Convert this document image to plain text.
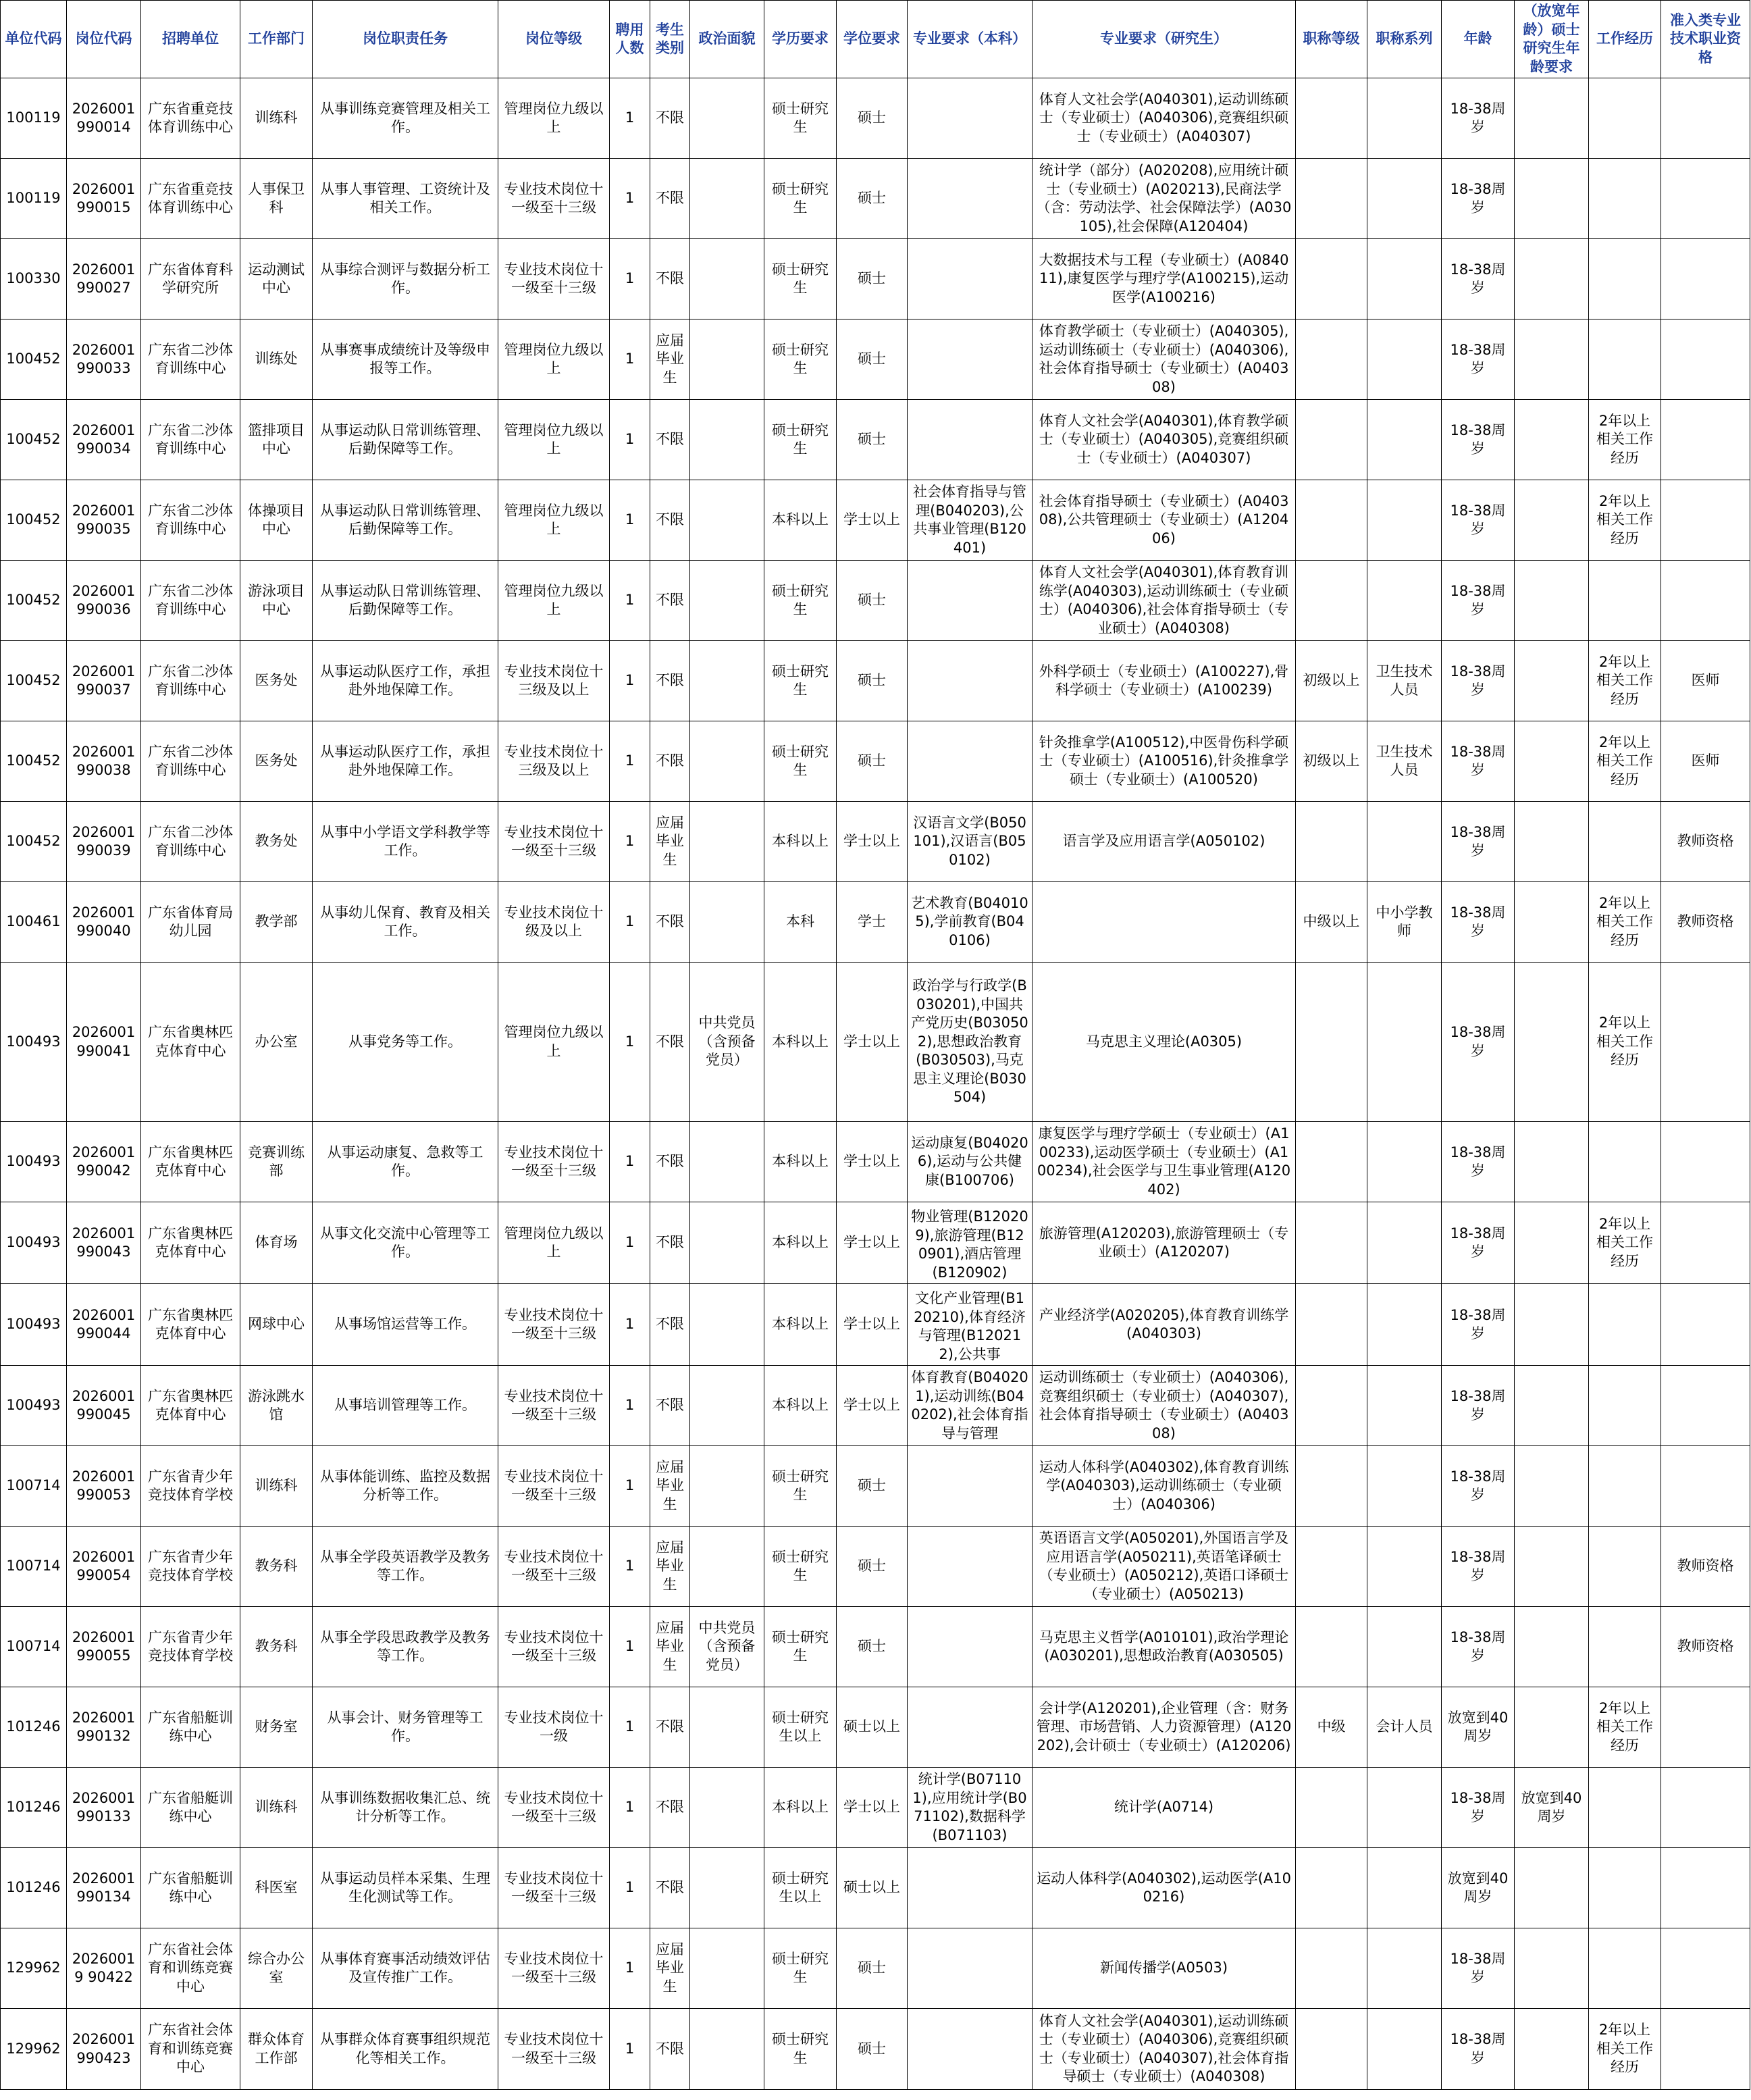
单位代码	岗位代码	招聘单位	工作部门	岗位职责任务	岗位等级	聘用人数	考生类别	政治面貌	学历要求	学位要求	专业要求（本科）	专业要求（研究生）	职称等级	职称系列	年龄	（放宽年龄）硕士研究生年龄要求	工作经历	准入类专业技术职业资格
100119	2026001990014	广东省重竞技体育训练中心	训练科	从事训练竞赛管理及相关工作。	管理岗位九级以上	1	不限		硕士研究生	硕士		体育人文社会学(A040301),运动训练硕士（专业硕士）(A040306),竞赛组织硕士（专业硕士）(A040307)			18-38周岁			
100119	2026001990015	广东省重竞技体育训练中心	人事保卫科	从事人事管理、工资统计及相关工作。	专业技术岗位十一级至十三级	1	不限		硕士研究生	硕士		统计学（部分）(A020208),应用统计硕士（专业硕士）(A020213),民商法学（含：劳动法学、社会保障法学）(A030105),社会保障(A120404)			18-38周岁			
100330	2026001990027	广东省体育科学研究所	运动测试中心	从事综合测评与数据分析工作。	专业技术岗位十一级至十三级	1	不限		硕士研究生	硕士		大数据技术与工程（专业硕士）(A084011),康复医学与理疗学(A100215),运动医学(A100216)			18-38周岁			
100452	2026001990033	广东省二沙体育训练中心	训练处	从事赛事成绩统计及等级申报等工作。	管理岗位九级以上	1	应届毕业生		硕士研究生	硕士		体育教学硕士（专业硕士）(A040305),运动训练硕士（专业硕士）(A040306),社会体育指导硕士（专业硕士）(A040308)			18-38周岁			
100452	2026001990034	广东省二沙体育训练中心	篮排项目中心	从事运动队日常训练管理、后勤保障等工作。	管理岗位九级以上	1	不限		硕士研究生	硕士		体育人文社会学(A040301),体育教学硕士（专业硕士）(A040305),竞赛组织硕士（专业硕士）(A040307)			18-38周岁		2年以上相关工作经历	
100452	2026001990035	广东省二沙体育训练中心	体操项目中心	从事运动队日常训练管理、后勤保障等工作。	管理岗位九级以上	1	不限		本科以上	学士以上	社会体育指导与管理(B040203),公共事业管理(B120401)	社会体育指导硕士（专业硕士）(A040308),公共管理硕士（专业硕士）(A120406)			18-38周岁		2年以上相关工作经历	
100452	2026001990036	广东省二沙体育训练中心	游泳项目中心	从事运动队日常训练管理、后勤保障等工作。	管理岗位九级以上	1	不限		硕士研究生	硕士		体育人文社会学(A040301),体育教育训练学(A040303),运动训练硕士（专业硕士）(A040306),社会体育指导硕士（专业硕士）(A040308)			18-38周岁			
100452	2026001990037	广东省二沙体育训练中心	医务处	从事运动队医疗工作，承担赴外地保障工作。	专业技术岗位十三级及以上	1	不限		硕士研究生	硕士		外科学硕士（专业硕士）(A100227),骨科学硕士（专业硕士）(A100239)	初级以上	卫生技术人员	18-38周岁		2年以上相关工作经历	医师
100452	2026001990038	广东省二沙体育训练中心	医务处	从事运动队医疗工作，承担赴外地保障工作。	专业技术岗位十三级及以上	1	不限		硕士研究生	硕士		针灸推拿学(A100512),中医骨伤科学硕士（专业硕士）(A100516),针灸推拿学硕士（专业硕士）(A100520)	初级以上	卫生技术人员	18-38周岁		2年以上相关工作经历	医师
100452	2026001990039	广东省二沙体育训练中心	教务处	从事中小学语文学科教学等工作。	专业技术岗位十一级至十三级	1	应届毕业生		本科以上	学士以上	汉语言文学(B050101),汉语言(B050102)	语言学及应用语言学(A050102)			18-38周岁			教师资格
100461	2026001990040	广东省体育局幼儿园	教学部	从事幼儿保育、教育及相关工作。	专业技术岗位十级及以上	1	不限		本科	学士	艺术教育(B040105),学前教育(B040106)		中级以上	中小学教师	18-38周岁		2年以上相关工作经历	教师资格
100493	2026001990041	广东省奥林匹克体育中心	办公室	从事党务等工作。	管理岗位九级以上	1	不限	中共党员（含预备党员）	本科以上	学士以上	政治学与行政学(B030201),中国共产党历史(B030502),思想政治教育(B030503),马克思主义理论(B030504)	马克思主义理论(A0305)			18-38周岁		2年以上相关工作经历	
100493	2026001990042	广东省奥林匹克体育中心	竞赛训练部	从事运动康复、急救等工作。	专业技术岗位十一级至十三级	1	不限		本科以上	学士以上	运动康复(B040206),运动与公共健康(B100706)	康复医学与理疗学硕士（专业硕士）(A100233),运动医学硕士（专业硕士）(A100234),社会医学与卫生事业管理(A120402)			18-38周岁			
100493	2026001990043	广东省奥林匹克体育中心	体育场	从事文化交流中心管理等工作。	管理岗位九级以上	1	不限		本科以上	学士以上	物业管理(B120209),旅游管理(B120901),酒店管理(B120902)	旅游管理(A120203),旅游管理硕士（专业硕士）(A120207)			18-38周岁		2年以上相关工作经历	
100493	2026001990044	广东省奥林匹克体育中心	网球中心	从事场馆运营等工作。	专业技术岗位十一级至十三级	1	不限		本科以上	学士以上	文化产业管理(B120210),体育经济与管理(B120212),公共事	产业经济学(A020205),体育教育训练学(A040303)			18-38周岁			
100493	2026001990045	广东省奥林匹克体育中心	游泳跳水馆	从事培训管理等工作。	专业技术岗位十一级至十三级	1	不限		本科以上	学士以上	体育教育(B040201),运动训练(B040202),社会体育指导与管理	运动训练硕士（专业硕士）(A040306),竞赛组织硕士（专业硕士）(A040307),社会体育指导硕士（专业硕士）(A040308)			18-38周岁			
100714	2026001990053	广东省青少年竞技体育学校	训练科	从事体能训练、监控及数据分析等工作。	专业技术岗位十一级至十三级	1	应届毕业生		硕士研究生	硕士		运动人体科学(A040302),体育教育训练学(A040303),运动训练硕士（专业硕士）(A040306)			18-38周岁			
100714	2026001990054	广东省青少年竞技体育学校	教务科	从事全学段英语教学及教务等工作。	专业技术岗位十一级至十三级	1	应届毕业生		硕士研究生	硕士		英语语言文学(A050201),外国语言学及应用语言学(A050211),英语笔译硕士（专业硕士）(A050212),英语口译硕士（专业硕士）(A050213)			18-38周岁			教师资格
100714	2026001990055	广东省青少年竞技体育学校	教务科	从事全学段思政教学及教务等工作。	专业技术岗位十一级至十三级	1	应届毕业生	中共党员（含预备党员）	硕士研究生	硕士		马克思主义哲学(A010101),政治学理论(A030201),思想政治教育(A030505)			18-38周岁			教师资格
101246	2026001990132	广东省船艇训练中心	财务室	从事会计、财务管理等工作。	专业技术岗位十一级	1	不限		硕士研究生以上	硕士以上		会计学(A120201),企业管理（含：财务管理、市场营销、人力资源管理）(A120202),会计硕士（专业硕士）(A120206)	中级	会计人员	放宽到40周岁		2年以上相关工作经历	
101246	2026001990133	广东省船艇训练中心	训练科	从事训练数据收集汇总、统计分析等工作。	专业技术岗位十一级至十三级	1	不限		本科以上	学士以上	统计学(B071101),应用统计学(B071102),数据科学(B071103)	统计学(A0714)			18-38周岁	放宽到40周岁		
101246	2026001990134	广东省船艇训练中心	科医室	从事运动员样本采集、生理生化测试等工作。	专业技术岗位十一级至十三级	1	不限		硕士研究生以上	硕士以上		运动人体科学(A040302),运动医学(A100216)			放宽到40周岁			
129962	20260019 90422	广东省社会体育和训练竞赛中心	综合办公室	从事体育赛事活动绩效评估及宣传推广工作。	专业技术岗位十一级至十三级	1	应届毕业生		硕士研究生	硕士		新闻传播学(A0503)			18-38周岁			
129962	2026001990423	广东省社会体育和训练竞赛中心	群众体育工作部	从事群众体育赛事组织规范化等相关工作。	专业技术岗位十一级至十三级	1	不限		硕士研究生	硕士		体育人文社会学(A040301),运动训练硕士（专业硕士）(A040306),竞赛组织硕士（专业硕士）(A040307),社会体育指导硕士（专业硕士）(A040308)			18-38周岁		2年以上相关工作经历	
